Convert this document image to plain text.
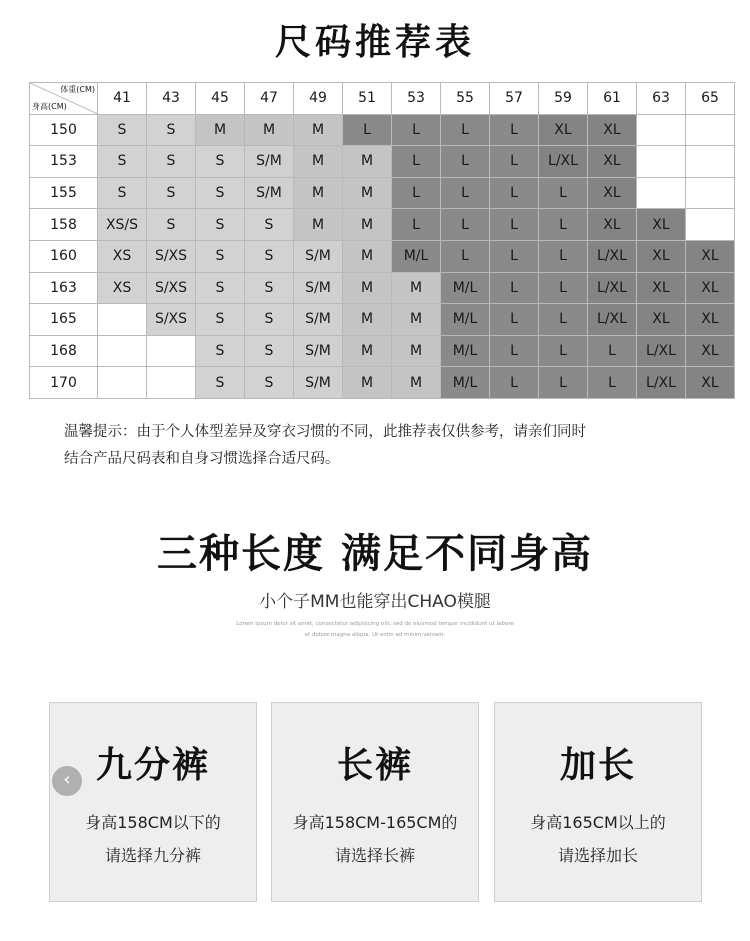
尺码推荐表
体重(CM)
身高(CM)	41	43	45	47	49	51	53	55	57	59	61	63	65
150	S	S	M	M	M	L	L	L	L	XL	XL		
153	S	S	S	S/M	M	M	L	L	L	L/XL	XL		
155	S	S	S	S/M	M	M	L	L	L	L	XL		
158	XS/S	S	S	S	M	M	L	L	L	L	XL	XL	
160	XS	S/XS	S	S	S/M	M	M/L	L	L	L	L/XL	XL	XL
163	XS	S/XS	S	S	S/M	M	M	M/L	L	L	L/XL	XL	XL
165		S/XS	S	S	S/M	M	M	M/L	L	L	L/XL	XL	XL
168			S	S	S/M	M	M	M/L	L	L	L	L/XL	XL
170			S	S	S/M	M	M	M/L	L	L	L	L/XL	XL
温馨提示：由于个人体型差异及穿衣习惯的不同，此推荐表仅供参考，请亲们同时
结合产品尺码表和自身习惯选择合适尺码。
三种长度 满足不同身高
小个子MM也能穿出CHAO模腿
Lorem ipsum dolor sit amet, consectetur adipisicing elit, sed do eiusmod tempor incididunt ut labore
et dolore magna aliqua. Ut enim ad minim veniam.
九分裤
身高158CM以下的
请选择九分裤
长裤
身高158CM-165CM的
请选择长裤
加长
身高165CM以上的
请选择加长
‹
